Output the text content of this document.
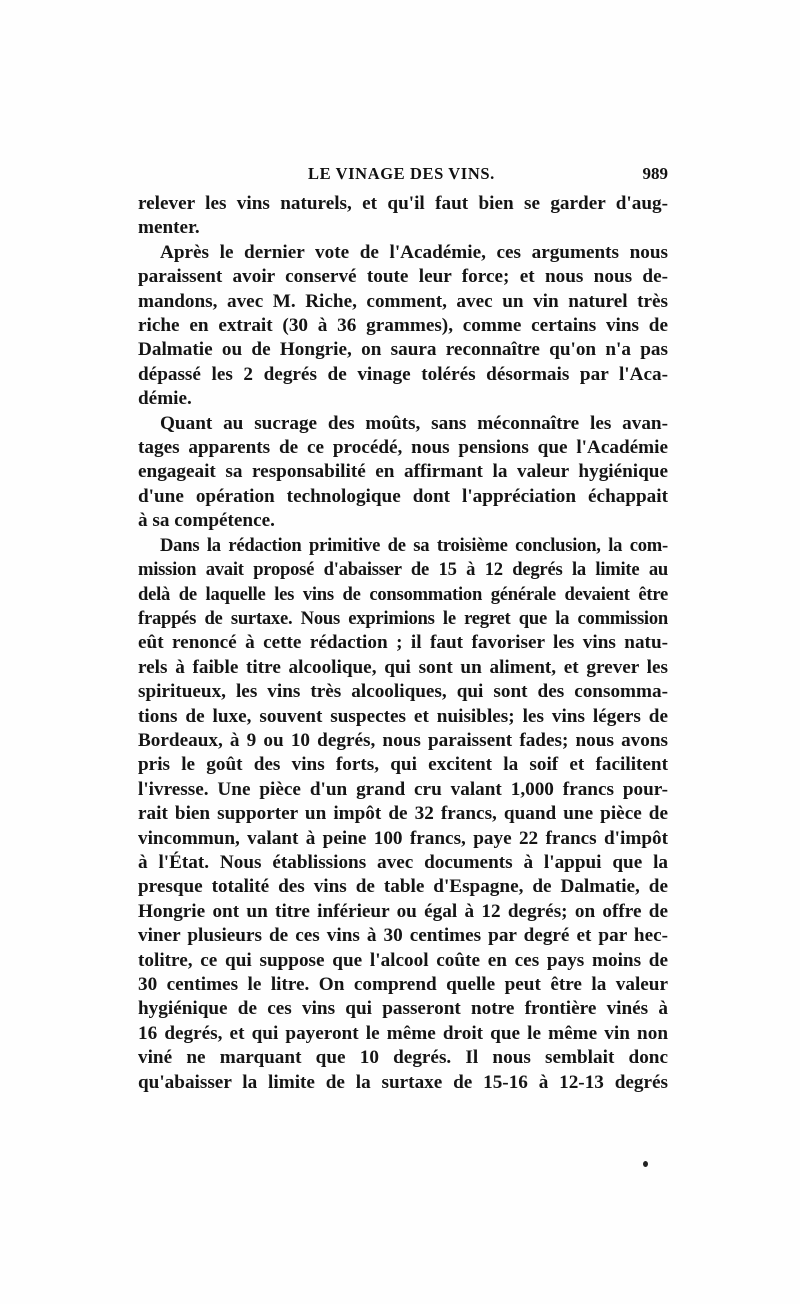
LE VINAGE DES VINS.	989

relever les vins naturels, et qu'il faut bien se garder d'aug-

menter.

Après le dernier vote de l'Académie, ces arguments nous

paraissent avoir conservé toute leur force; et nous nous de-

mandons, avec M. Riche, comment, avec un vin naturel très

riche en extrait (30 à 36 grammes), comme certains vins de

Dalmatie ou de Hongrie, on saura reconnaître qu'on n'a pas

dépassé les 2 degrés de vinage tolérés désormais par l'Aca-

démie.

Quant au sucrage des moûts, sans méconnaître les avan-

tages apparents de ce procédé, nous pensions que l'Académie

engageait sa responsabilité en affirmant la valeur hygiénique

d'une opération technologique dont l'appréciation échappait

à sa compétence.

Dans la rédaction primitive de sa troisième conclusion, la com-

mission avait proposé d'abaisser de 15 à 12 degrés la limite au

delà de laquelle les vins de consommation générale devaient être

frappés de surtaxe. Nous exprimions le regret que la commission

eût renoncé à cette rédaction ; il faut favoriser les vins natu-

rels à faible titre alcoolique, qui sont un aliment, et grever les

spiritueux, les vins très alcooliques, qui sont des consomma-

tions de luxe, souvent suspectes et nuisibles; les vins légers de

Bordeaux, à 9 ou 10 degrés, nous paraissent fades; nous avons

pris le goût des vins forts, qui excitent la soif et facilitent

l'ivresse. Une pièce d'un grand cru valant 1,000 francs pour-

rait bien supporter un impôt de 32 francs, quand une pièce de

vincommun, valant à peine 100 francs, paye 22 francs d'impôt

à l'État. Nous établissions avec documents à l'appui que la

presque totalité des vins de table d'Espagne, de Dalmatie, de

Hongrie ont un titre inférieur ou égal à 12 degrés; on offre de

viner plusieurs de ces vins à 30 centimes par degré et par hec-

tolitre, ce qui suppose que l'alcool coûte en ces pays moins de

30 centimes le litre. On comprend quelle peut être la valeur

hygiénique de ces vins qui passeront notre frontière vinés à

16 degrés, et qui payeront le même droit que le même vin non

viné ne marquant que 10 degrés. Il nous semblait donc

qu'abaisser la limite de la surtaxe de 15-16 à 12-13 degrés
